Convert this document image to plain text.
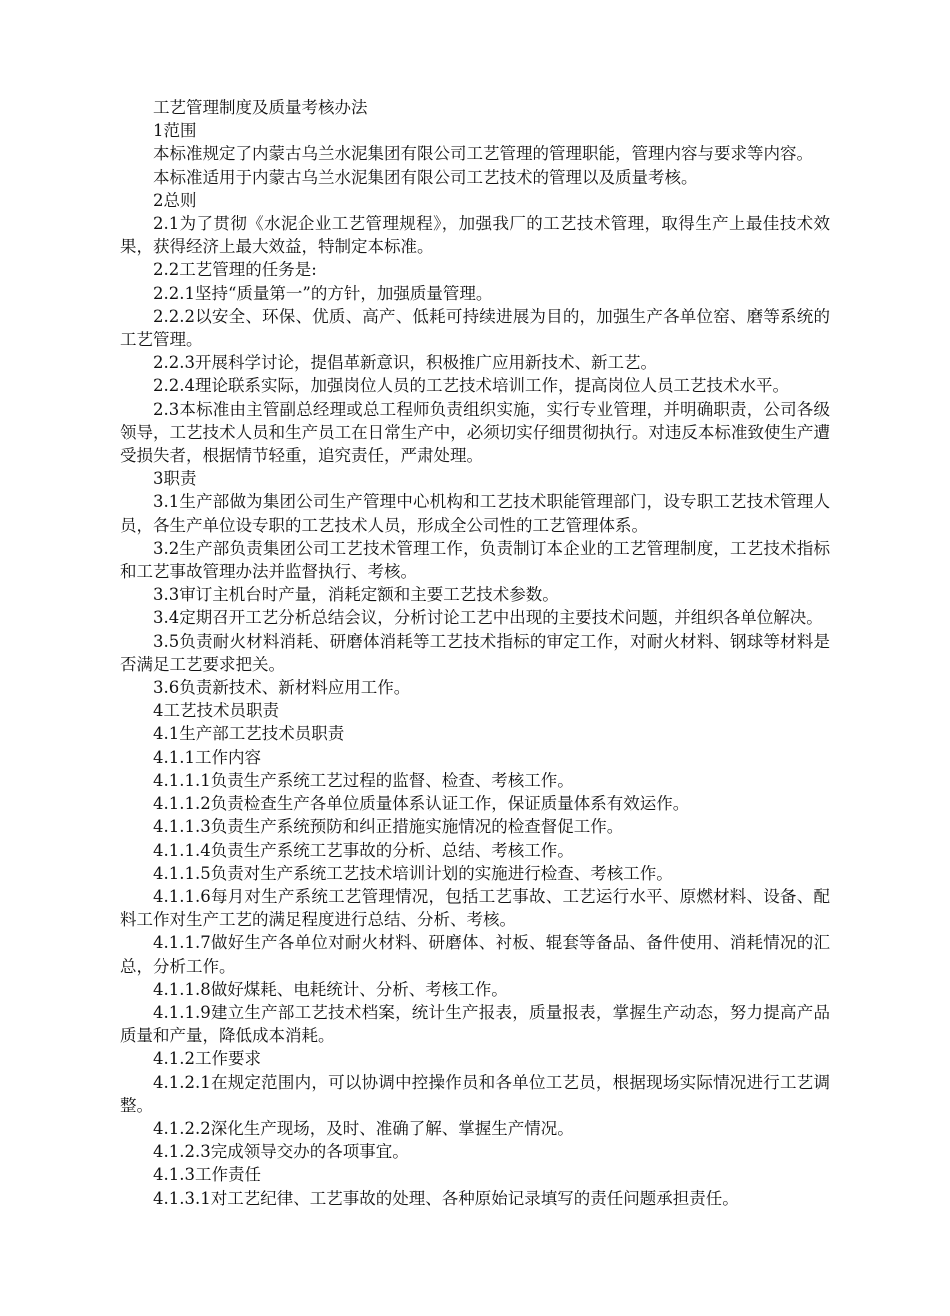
工艺管理制度及质量考核办法

1范围

本标准规定了内蒙古乌兰水泥集团有限公司工艺管理的管理职能，管理内容与要求等内容。

本标准适用于内蒙古乌兰水泥集团有限公司工艺技术的管理以及质量考核。

2总则

2.1为了贯彻《水泥企业工艺管理规程》，加强我厂的工艺技术管理，取得生产上最佳技术效果，获得经济上最大效益，特制定本标准。

2.2工艺管理的任务是:

2.2.1坚持“质量第一”的方针，加强质量管理。

2.2.2以安全、环保、优质、高产、低耗可持续进展为目的，加强生产各单位窑、磨等系统的工艺管理。

2.2.3开展科学讨论，提倡革新意识，积极推广应用新技术、新工艺。

2.2.4理论联系实际，加强岗位人员的工艺技术培训工作，提高岗位人员工艺技术水平。

2.3本标准由主管副总经理或总工程师负责组织实施，实行专业管理，并明确职责，公司各级领导，工艺技术人员和生产员工在日常生产中，必须切实仔细贯彻执行。对违反本标准致使生产遭受损失者，根据情节轻重，追究责任，严肃处理。

3职责

3.1生产部做为集团公司生产管理中心机构和工艺技术职能管理部门，设专职工艺技术管理人员，各生产单位设专职的工艺技术人员，形成全公司性的工艺管理体系。

3.2生产部负责集团公司工艺技术管理工作，负责制订本企业的工艺管理制度，工艺技术指标和工艺事故管理办法并监督执行、考核。

3.3审订主机台时产量，消耗定额和主要工艺技术参数。

3.4定期召开工艺分析总结会议，分析讨论工艺中出现的主要技术问题，并组织各单位解决。

3.5负责耐火材料消耗、研磨体消耗等工艺技术指标的审定工作，对耐火材料、钢球等材料是否满足工艺要求把关。

3.6负责新技术、新材料应用工作。

4工艺技术员职责

4.1生产部工艺技术员职责

4.1.1工作内容

4.1.1.1负责生产系统工艺过程的监督、检查、考核工作。

4.1.1.2负责检查生产各单位质量体系认证工作，保证质量体系有效运作。

4.1.1.3负责生产系统预防和纠正措施实施情况的检查督促工作。

4.1.1.4负责生产系统工艺事故的分析、总结、考核工作。

4.1.1.5负责对生产系统工艺技术培训计划的实施进行检查、考核工作。

4.1.1.6每月对生产系统工艺管理情况，包括工艺事故、工艺运行水平、原燃材料、设备、配料工作对生产工艺的满足程度进行总结、分析、考核。

4.1.1.7做好生产各单位对耐火材料、研磨体、衬板、辊套等备品、备件使用、消耗情况的汇总，分析工作。

4.1.1.8做好煤耗、电耗统计、分析、考核工作。

4.1.1.9建立生产部工艺技术档案，统计生产报表，质量报表，掌握生产动态，努力提高产品质量和产量，降低成本消耗。

4.1.2工作要求

4.1.2.1在规定范围内，可以协调中控操作员和各单位工艺员，根据现场实际情况进行工艺调整。

4.1.2.2深化生产现场，及时、准确了解、掌握生产情况。

4.1.2.3完成领导交办的各项事宜。

4.1.3工作责任

4.1.3.1对工艺纪律、工艺事故的处理、各种原始记录填写的责任问题承担责任。
